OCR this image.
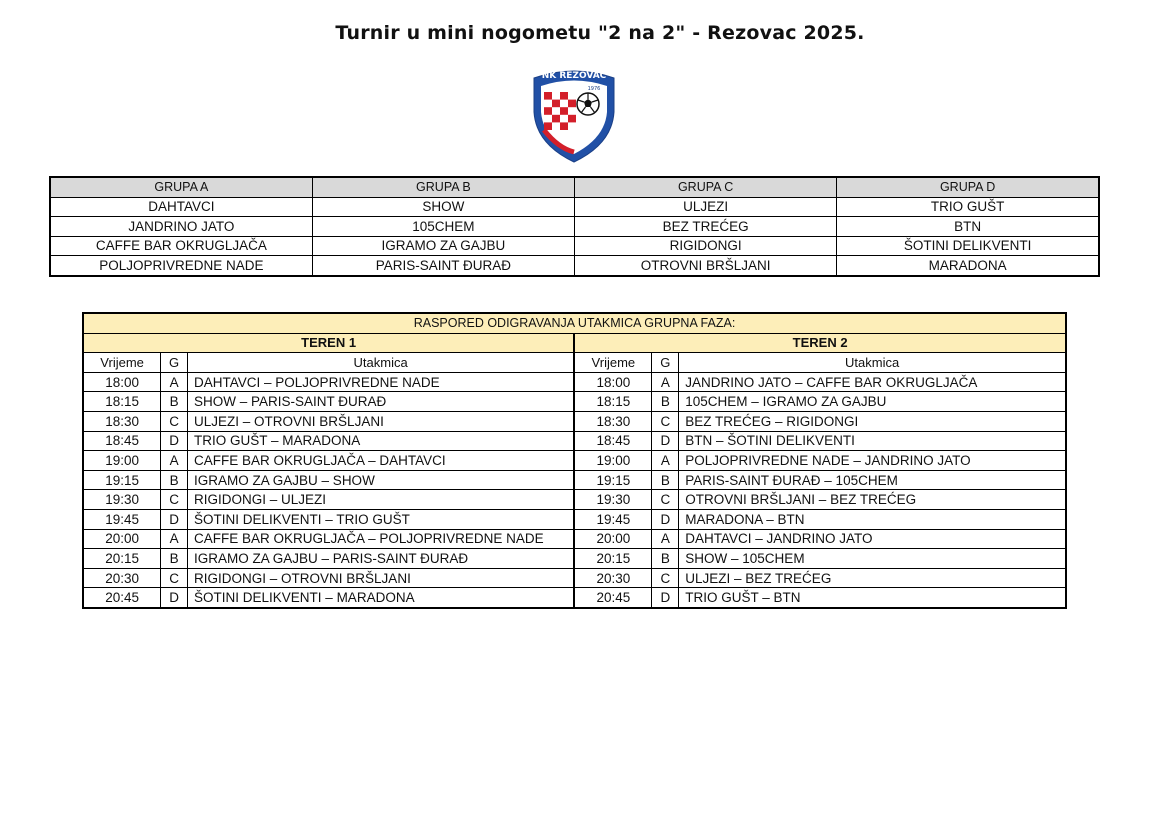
Turnir u mini nogometu "2 na 2" - Rezovac 2025.
NK REZOVAC
1976
GRUPA A	GRUPA B	GRUPA C	GRUPA D
DAHTAVCI	SHOW	ULJEZI	TRIO GUŠT
JANDRINO JATO	105CHEM	BEZ TREĆEG	BTN
CAFFE BAR OKRUGLJAČA	IGRAMO ZA GAJBU	RIGIDONGI	ŠOTINI DELIKVENTI
POLJOPRIVREDNE NADE	PARIS-SAINT ĐURAĐ	OTROVNI BRŠLJANI	MARADONA
RASPORED ODIGRAVANJA UTAKMICA GRUPNA FAZA:					
TEREN 1			TEREN 2		
Vrijeme	G	Utakmica	Vrijeme	G	Utakmica
18:00	A	DAHTAVCI – POLJOPRIVREDNE NADE	18:00	A	JANDRINO JATO – CAFFE BAR OKRUGLJAČA
18:15	B	SHOW – PARIS-SAINT ĐURAĐ	18:15	B	105CHEM – IGRAMO ZA GAJBU
18:30	C	ULJEZI – OTROVNI BRŠLJANI	18:30	C	BEZ TREĆEG – RIGIDONGI
18:45	D	TRIO GUŠT – MARADONA	18:45	D	BTN – ŠOTINI DELIKVENTI
19:00	A	CAFFE BAR OKRUGLJAČA – DAHTAVCI	19:00	A	POLJOPRIVREDNE NADE – JANDRINO JATO
19:15	B	IGRAMO ZA GAJBU – SHOW	19:15	B	PARIS-SAINT ĐURAĐ – 105CHEM
19:30	C	RIGIDONGI – ULJEZI	19:30	C	OTROVNI BRŠLJANI – BEZ TREĆEG
19:45	D	ŠOTINI DELIKVENTI – TRIO GUŠT	19:45	D	MARADONA – BTN
20:00	A	CAFFE BAR OKRUGLJAČA – POLJOPRIVREDNE NADE	20:00	A	DAHTAVCI – JANDRINO JATO
20:15	B	IGRAMO ZA GAJBU – PARIS-SAINT ĐURAĐ	20:15	B	SHOW – 105CHEM
20:30	C	RIGIDONGI – OTROVNI BRŠLJANI	20:30	C	ULJEZI – BEZ TREĆEG
20:45	D	ŠOTINI DELIKVENTI – MARADONA	20:45	D	TRIO GUŠT – BTN
